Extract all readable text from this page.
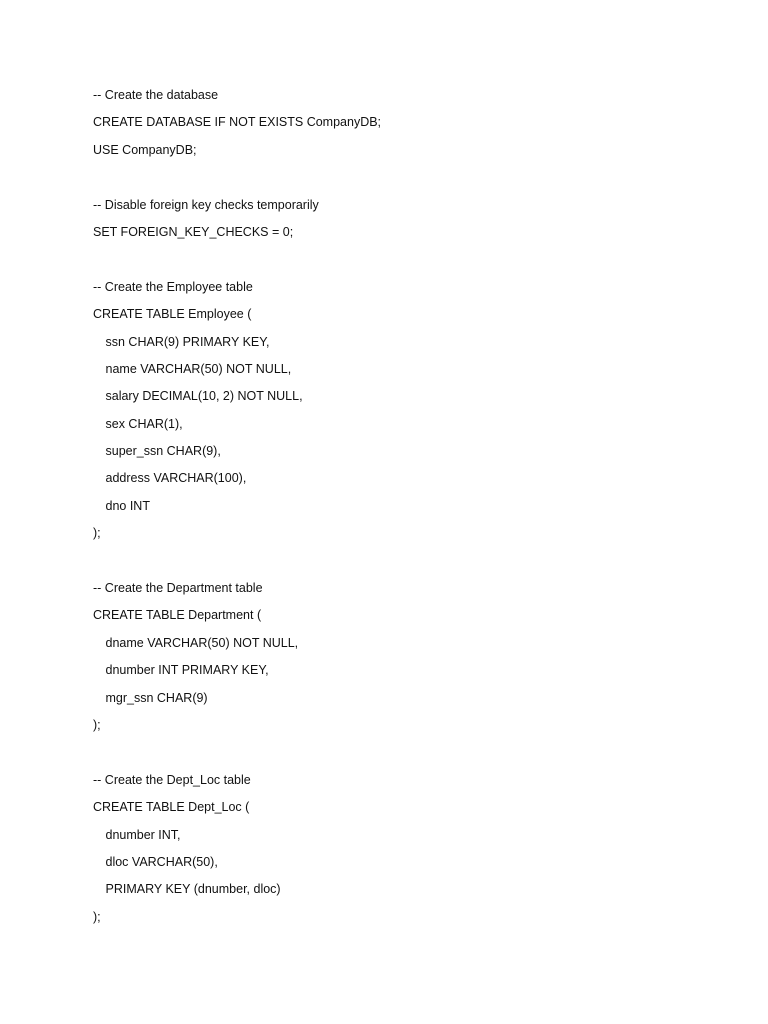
-- Create the database
CREATE DATABASE IF NOT EXISTS CompanyDB;
USE CompanyDB;
-- Disable foreign key checks temporarily
SET FOREIGN_KEY_CHECKS = 0;
-- Create the Employee table
CREATE TABLE Employee (
ssn CHAR(9) PRIMARY KEY,
name VARCHAR(50) NOT NULL,
salary DECIMAL(10, 2) NOT NULL,
sex CHAR(1),
super_ssn CHAR(9),
address VARCHAR(100),
dno INT
);
-- Create the Department table
CREATE TABLE Department (
dname VARCHAR(50) NOT NULL,
dnumber INT PRIMARY KEY,
mgr_ssn CHAR(9)
);
-- Create the Dept_Loc table
CREATE TABLE Dept_Loc (
dnumber INT,
dloc VARCHAR(50),
PRIMARY KEY (dnumber, dloc)
);
